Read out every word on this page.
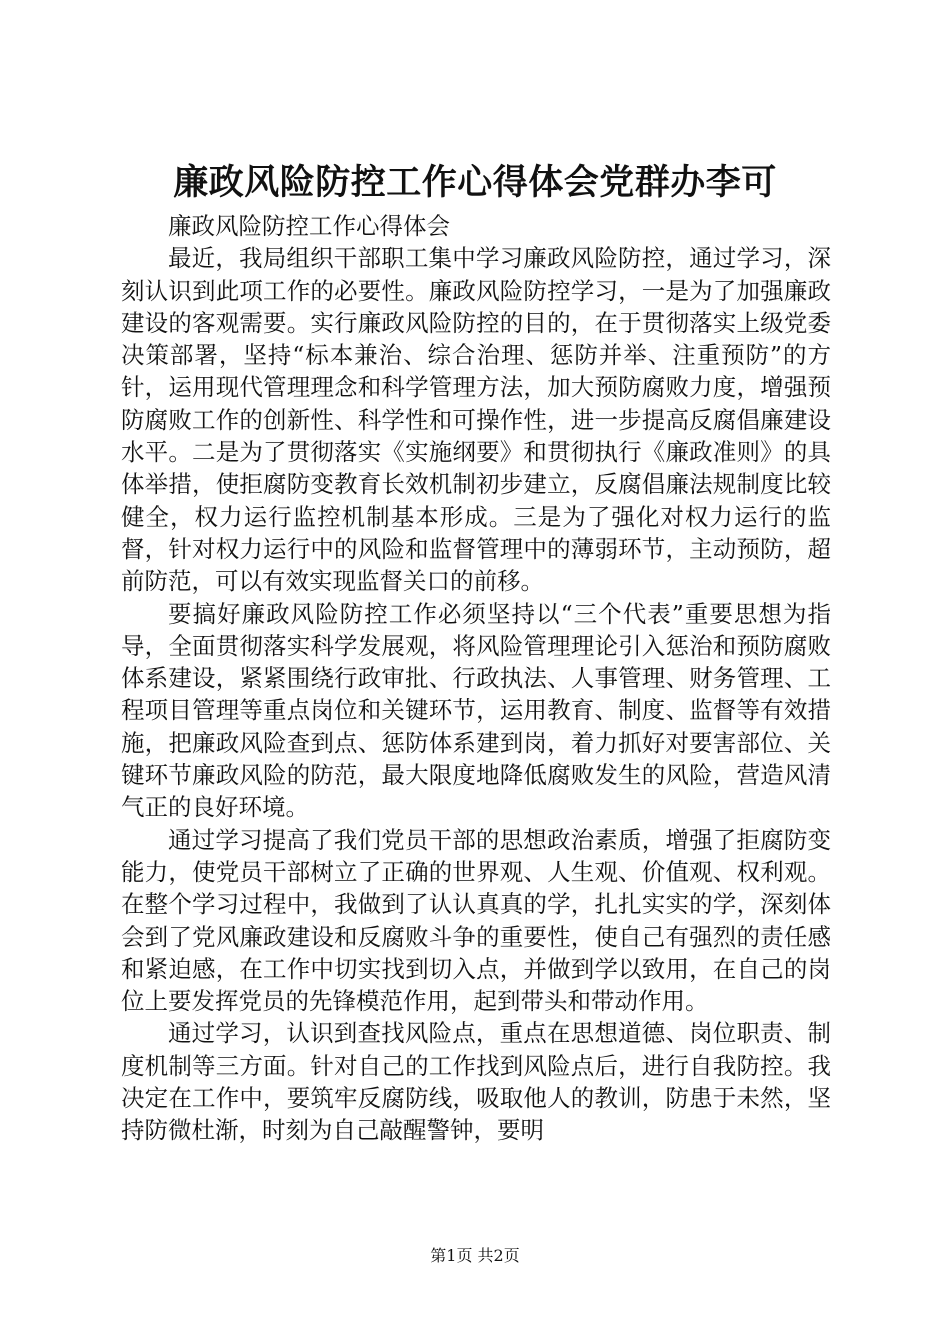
廉政风险防控工作心得体会党群办李可

廉政风险防控工作心得体会

最近，我局组织干部职工集中学习廉政风险防控，通过学习，深刻认识到此项工作的必要性。廉政风险防控学习，一是为了加强廉政建设的客观需要。实行廉政风险防控的目的，在于贯彻落实上级党委决策部署，坚持“标本兼治、综合治理、惩防并举、注重预防”的方针，运用现代管理理念和科学管理方法，加大预防腐败力度，增强预防腐败工作的创新性、科学性和可操作性，进一步提高反腐倡廉建设水平。二是为了贯彻落实《实施纲要》和贯彻执行《廉政准则》的具体举措，使拒腐防变教育长效机制初步建立，反腐倡廉法规制度比较健全，权力运行监控机制基本形成。三是为了强化对权力运行的监督，针对权力运行中的风险和监督管理中的薄弱环节，主动预防，超前防范，可以有效实现监督关口的前移。

要搞好廉政风险防控工作必须坚持以“三个代表”重要思想为指导，全面贯彻落实科学发展观，将风险管理理论引入惩治和预防腐败体系建设，紧紧围绕行政审批、行政执法、人事管理、财务管理、工程项目管理等重点岗位和关键环节，运用教育、制度、监督等有效措施，把廉政风险查到点、惩防体系建到岗，着力抓好对要害部位、关键环节廉政风险的防范，最大限度地降低腐败发生的风险，营造风清气正的良好环境。

通过学习提高了我们党员干部的思想政治素质，增强了拒腐防变能力，使党员干部树立了正确的世界观、人生观、价值观、权利观。在整个学习过程中，我做到了认认真真的学，扎扎实实的学，深刻体会到了党风廉政建设和反腐败斗争的重要性，使自己有强烈的责任感和紧迫感，在工作中切实找到切入点，并做到学以致用，在自己的岗位上要发挥党员的先锋模范作用，起到带头和带动作用。

通过学习，认识到查找风险点，重点在思想道德、岗位职责、制度机制等三方面。针对自己的工作找到风险点后，进行自我防控。我决定在工作中，要筑牢反腐防线，吸取他人的教训，防患于未然，坚持防微杜渐，时刻为自己敲醒警钟，要明

第1页 共2页
